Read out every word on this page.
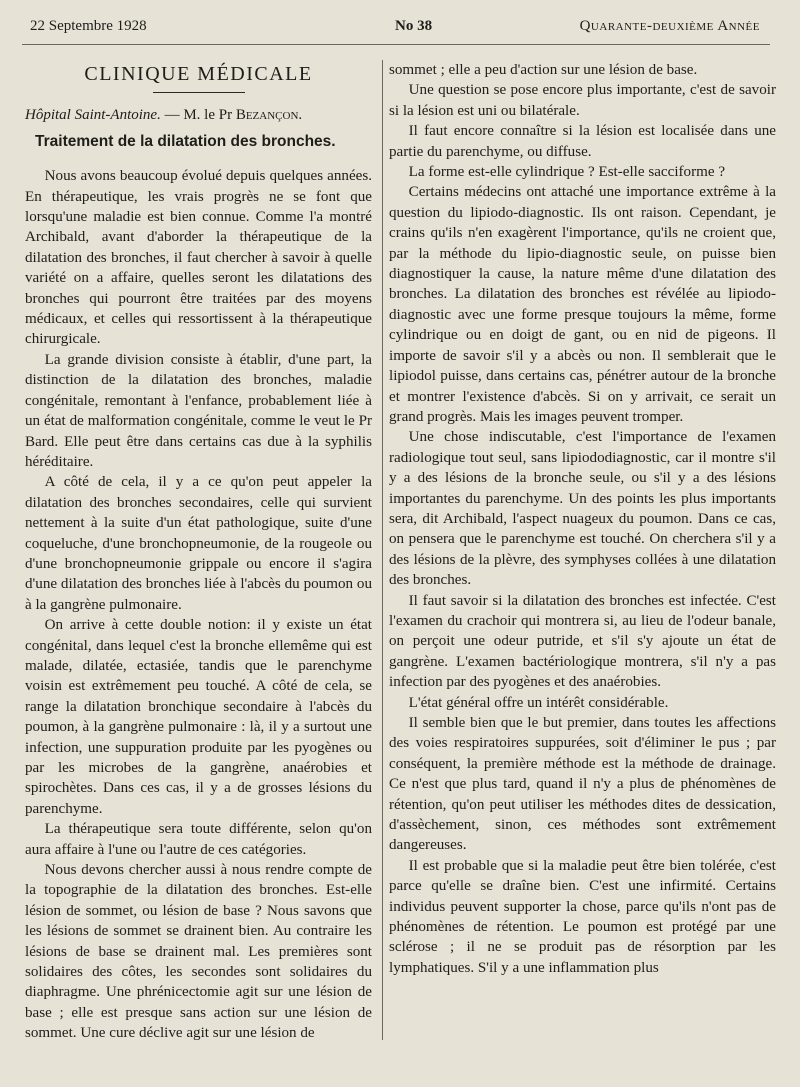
22 Septembre 1928	No 38	Quarante-deuxième Année
CLINIQUE MÉDICALE
Hôpital Saint-Antoine. — M. le Pr Bezançon.
Traitement de la dilatation des bronches.

Nous avons beaucoup évolué depuis quelques années. En thérapeutique, les vrais progrès ne se font que lorsqu'une maladie est bien connue. Comme l'a montré Archibald, avant d'aborder la thérapeutique de la dilatation des bronches, il faut chercher à savoir à quelle variété on a affaire, quelles seront les dilatations des bronches qui pourront être traitées par des moyens médicaux, et celles qui ressortissent à la thérapeutique chirurgicale.

La grande division consiste à établir, d'une part, la distinction de la dilatation des bronches, maladie congénitale, remontant à l'enfance, probablement liée à un état de malformation congénitale, comme le veut le Pr Bard. Elle peut être dans certains cas due à la syphilis héréditaire.

A côté de cela, il y a ce qu'on peut appeler la dilatation des bronches secondaires, celle qui survient nettement à la suite d'un état pathologique, suite d'une coqueluche, d'une bronchopneumonie, de la rougeole ou d'une bronchopneumonie grippale ou encore il s'agira d'une dilatation des bronches liée à l'abcès du poumon ou à la gangrène pulmonaire.

On arrive à cette double notion: il y existe un état congénital, dans lequel c'est la bronche ellemême qui est malade, dilatée, ectasiée, tandis que le parenchyme voisin est extrêmement peu touché. A côté de cela, se range la dilatation bronchique secondaire à l'abcès du poumon, à la gangrène pulmonaire : là, il y a surtout une infection, une suppuration produite par les pyogènes ou par les microbes de la gangrène, anaérobies et spirochètes. Dans ces cas, il y a de grosses lésions du parenchyme.

La thérapeutique sera toute différente, selon qu'on aura affaire à l'une ou l'autre de ces catégories.

Nous devons chercher aussi à nous rendre compte de la topographie de la dilatation des bronches. Est-elle lésion de sommet, ou lésion de base ? Nous savons que les lésions de sommet se drainent bien. Au contraire les lésions de base se drainent mal. Les premières sont solidaires des côtes, les secondes sont solidaires du diaphragme. Une phrénicectomie agit sur une lésion de base ; elle est presque sans action sur une lésion de sommet. Une cure déclive agit sur une lésion de

sommet ; elle a peu d'action sur une lésion de base.

Une question se pose encore plus importante, c'est de savoir si la lésion est uni ou bilatérale.

Il faut encore connaître si la lésion est localisée dans une partie du parenchyme, ou diffuse.

La forme est-elle cylindrique ? Est-elle sacciforme ?

Certains médecins ont attaché une importance extrême à la question du lipiodo-diagnostic. Ils ont raison. Cependant, je crains qu'ils n'en exagèrent l'importance, qu'ils ne croient que, par la méthode du lipio-diagnostic seule, on puisse bien diagnostiquer la cause, la nature même d'une dilatation des bronches. La dilatation des bronches est révélée au lipiodo-diagnostic avec une forme presque toujours la même, forme cylindrique ou en doigt de gant, ou en nid de pigeons. Il importe de savoir s'il y a abcès ou non. Il semblerait que le lipiodol puisse, dans certains cas, pénétrer autour de la bronche et montrer l'existence d'abcès. Si on y arrivait, ce serait un grand progrès. Mais les images peuvent tromper.

Une chose indiscutable, c'est l'importance de l'examen radiologique tout seul, sans lipiododiagnostic, car il montre s'il y a des lésions de la bronche seule, ou s'il y a des lésions importantes du parenchyme. Un des points les plus importants sera, dit Archibald, l'aspect nuageux du poumon. Dans ce cas, on pensera que le parenchyme est touché. On cherchera s'il y a des lésions de la plèvre, des symphyses collées à une dilatation des bronches.

Il faut savoir si la dilatation des bronches est infectée. C'est l'examen du crachoir qui montrera si, au lieu de l'odeur banale, on perçoit une odeur putride, et s'il s'y ajoute un état de gangrène. L'examen bactériologique montrera, s'il n'y a pas infection par des pyogènes et des anaérobies.

L'état général offre un intérêt considérable.

Il semble bien que le but premier, dans toutes les affections des voies respiratoires suppurées, soit d'éliminer le pus ; par conséquent, la première méthode est la méthode de drainage. Ce n'est que plus tard, quand il n'y a plus de phénomènes de rétention, qu'on peut utiliser les méthodes dites de dessication, d'assèchement, sinon, ces méthodes sont extrêmement dangereuses.

Il est probable que si la maladie peut être bien tolérée, c'est parce qu'elle se draîne bien. C'est une infirmité. Certains individus peuvent supporter la chose, parce qu'ils n'ont pas de phénomènes de rétention. Le poumon est protégé par une sclérose ; il ne se produit pas de résorption par les lymphatiques. S'il y a une inflammation plus
